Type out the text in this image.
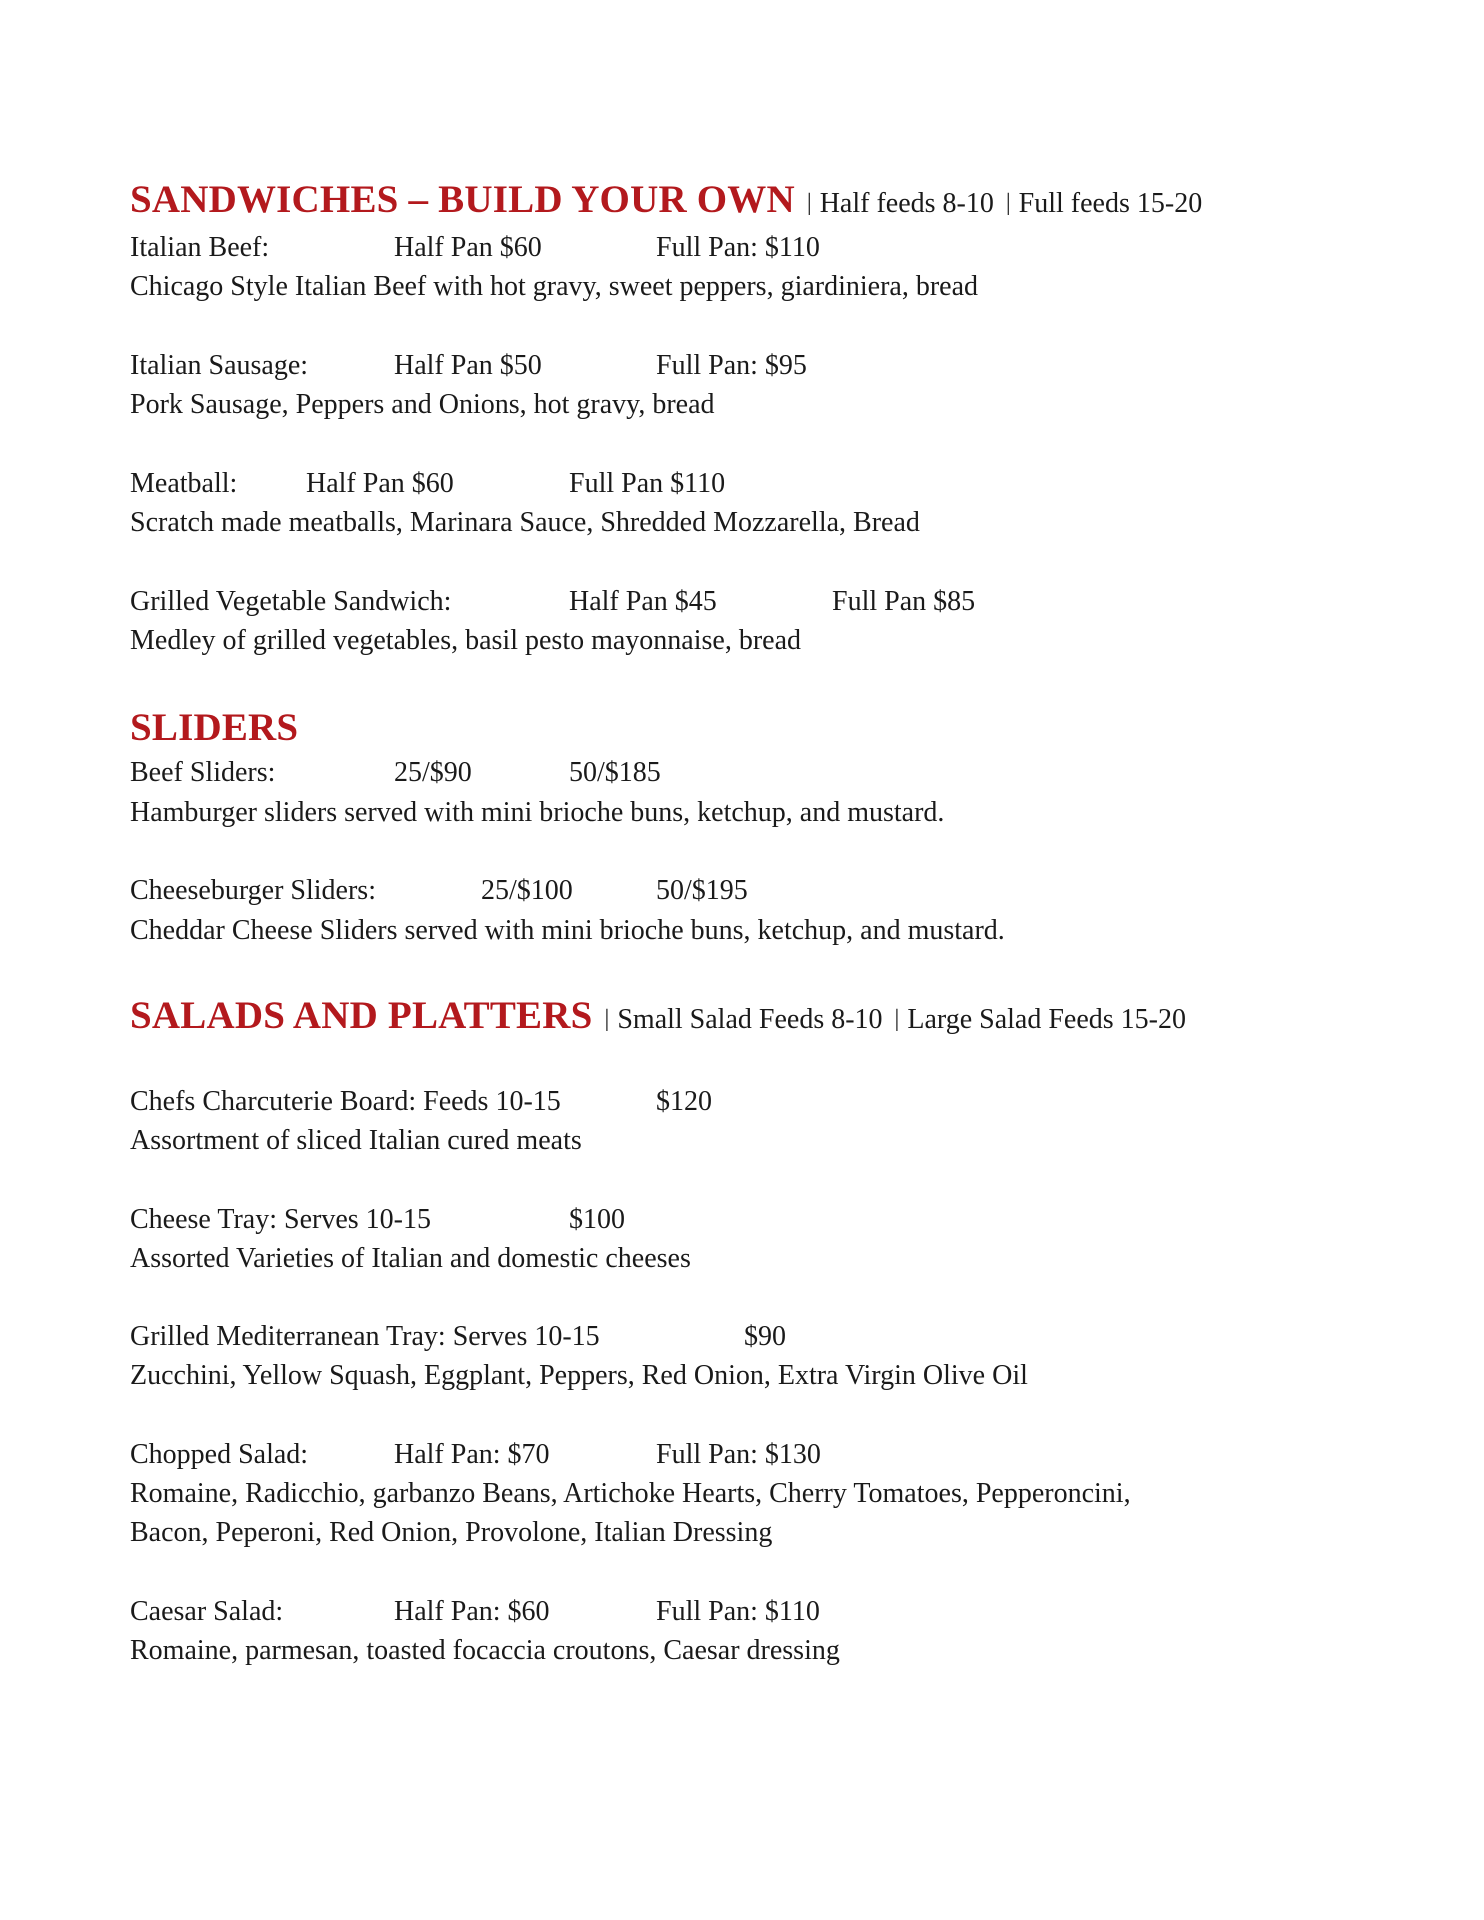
SANDWICHES – BUILD YOUR OWN | Half feeds 8-10 | Full feeds 15-20
Italian Beef:	Half Pan $60	Full Pan: $110
Chicago Style Italian Beef with hot gravy, sweet peppers, giardiniera, bread
Italian Sausage:	Half Pan $50	Full Pan: $95
Pork Sausage, Peppers and Onions, hot gravy, bread
Meatball: Half Pan $60	Full Pan $110
Scratch made meatballs, Marinara Sauce, Shredded Mozzarella, Bread
Grilled Vegetable Sandwich:	Half Pan $45	Full Pan $85
Medley of grilled vegetables, basil pesto mayonnaise, bread
SLIDERS
Beef Sliders:	25/$90	50/$185
Hamburger sliders served with mini brioche buns, ketchup, and mustard.
Cheeseburger Sliders:	25/$100	50/$195
Cheddar Cheese Sliders served with mini brioche buns, ketchup, and mustard.
SALADS AND PLATTERS | Small Salad Feeds 8-10 | Large Salad Feeds 15-20
Chefs Charcuterie Board: Feeds 10-15	$120
Assortment of sliced Italian cured meats
Cheese Tray: Serves 10-15	$100
Assorted Varieties of Italian and domestic cheeses
Grilled Mediterranean Tray: Serves 10-15	$90
Zucchini, Yellow Squash, Eggplant, Peppers, Red Onion, Extra Virgin Olive Oil
Chopped Salad:	Half Pan: $70	Full Pan: $130
Romaine, Radicchio, garbanzo Beans, Artichoke Hearts, Cherry Tomatoes, Pepperoncini,
Bacon, Peperoni, Red Onion, Provolone, Italian Dressing
Caesar Salad:	Half Pan: $60	Full Pan: $110
Romaine, parmesan, toasted focaccia croutons, Caesar dressing
